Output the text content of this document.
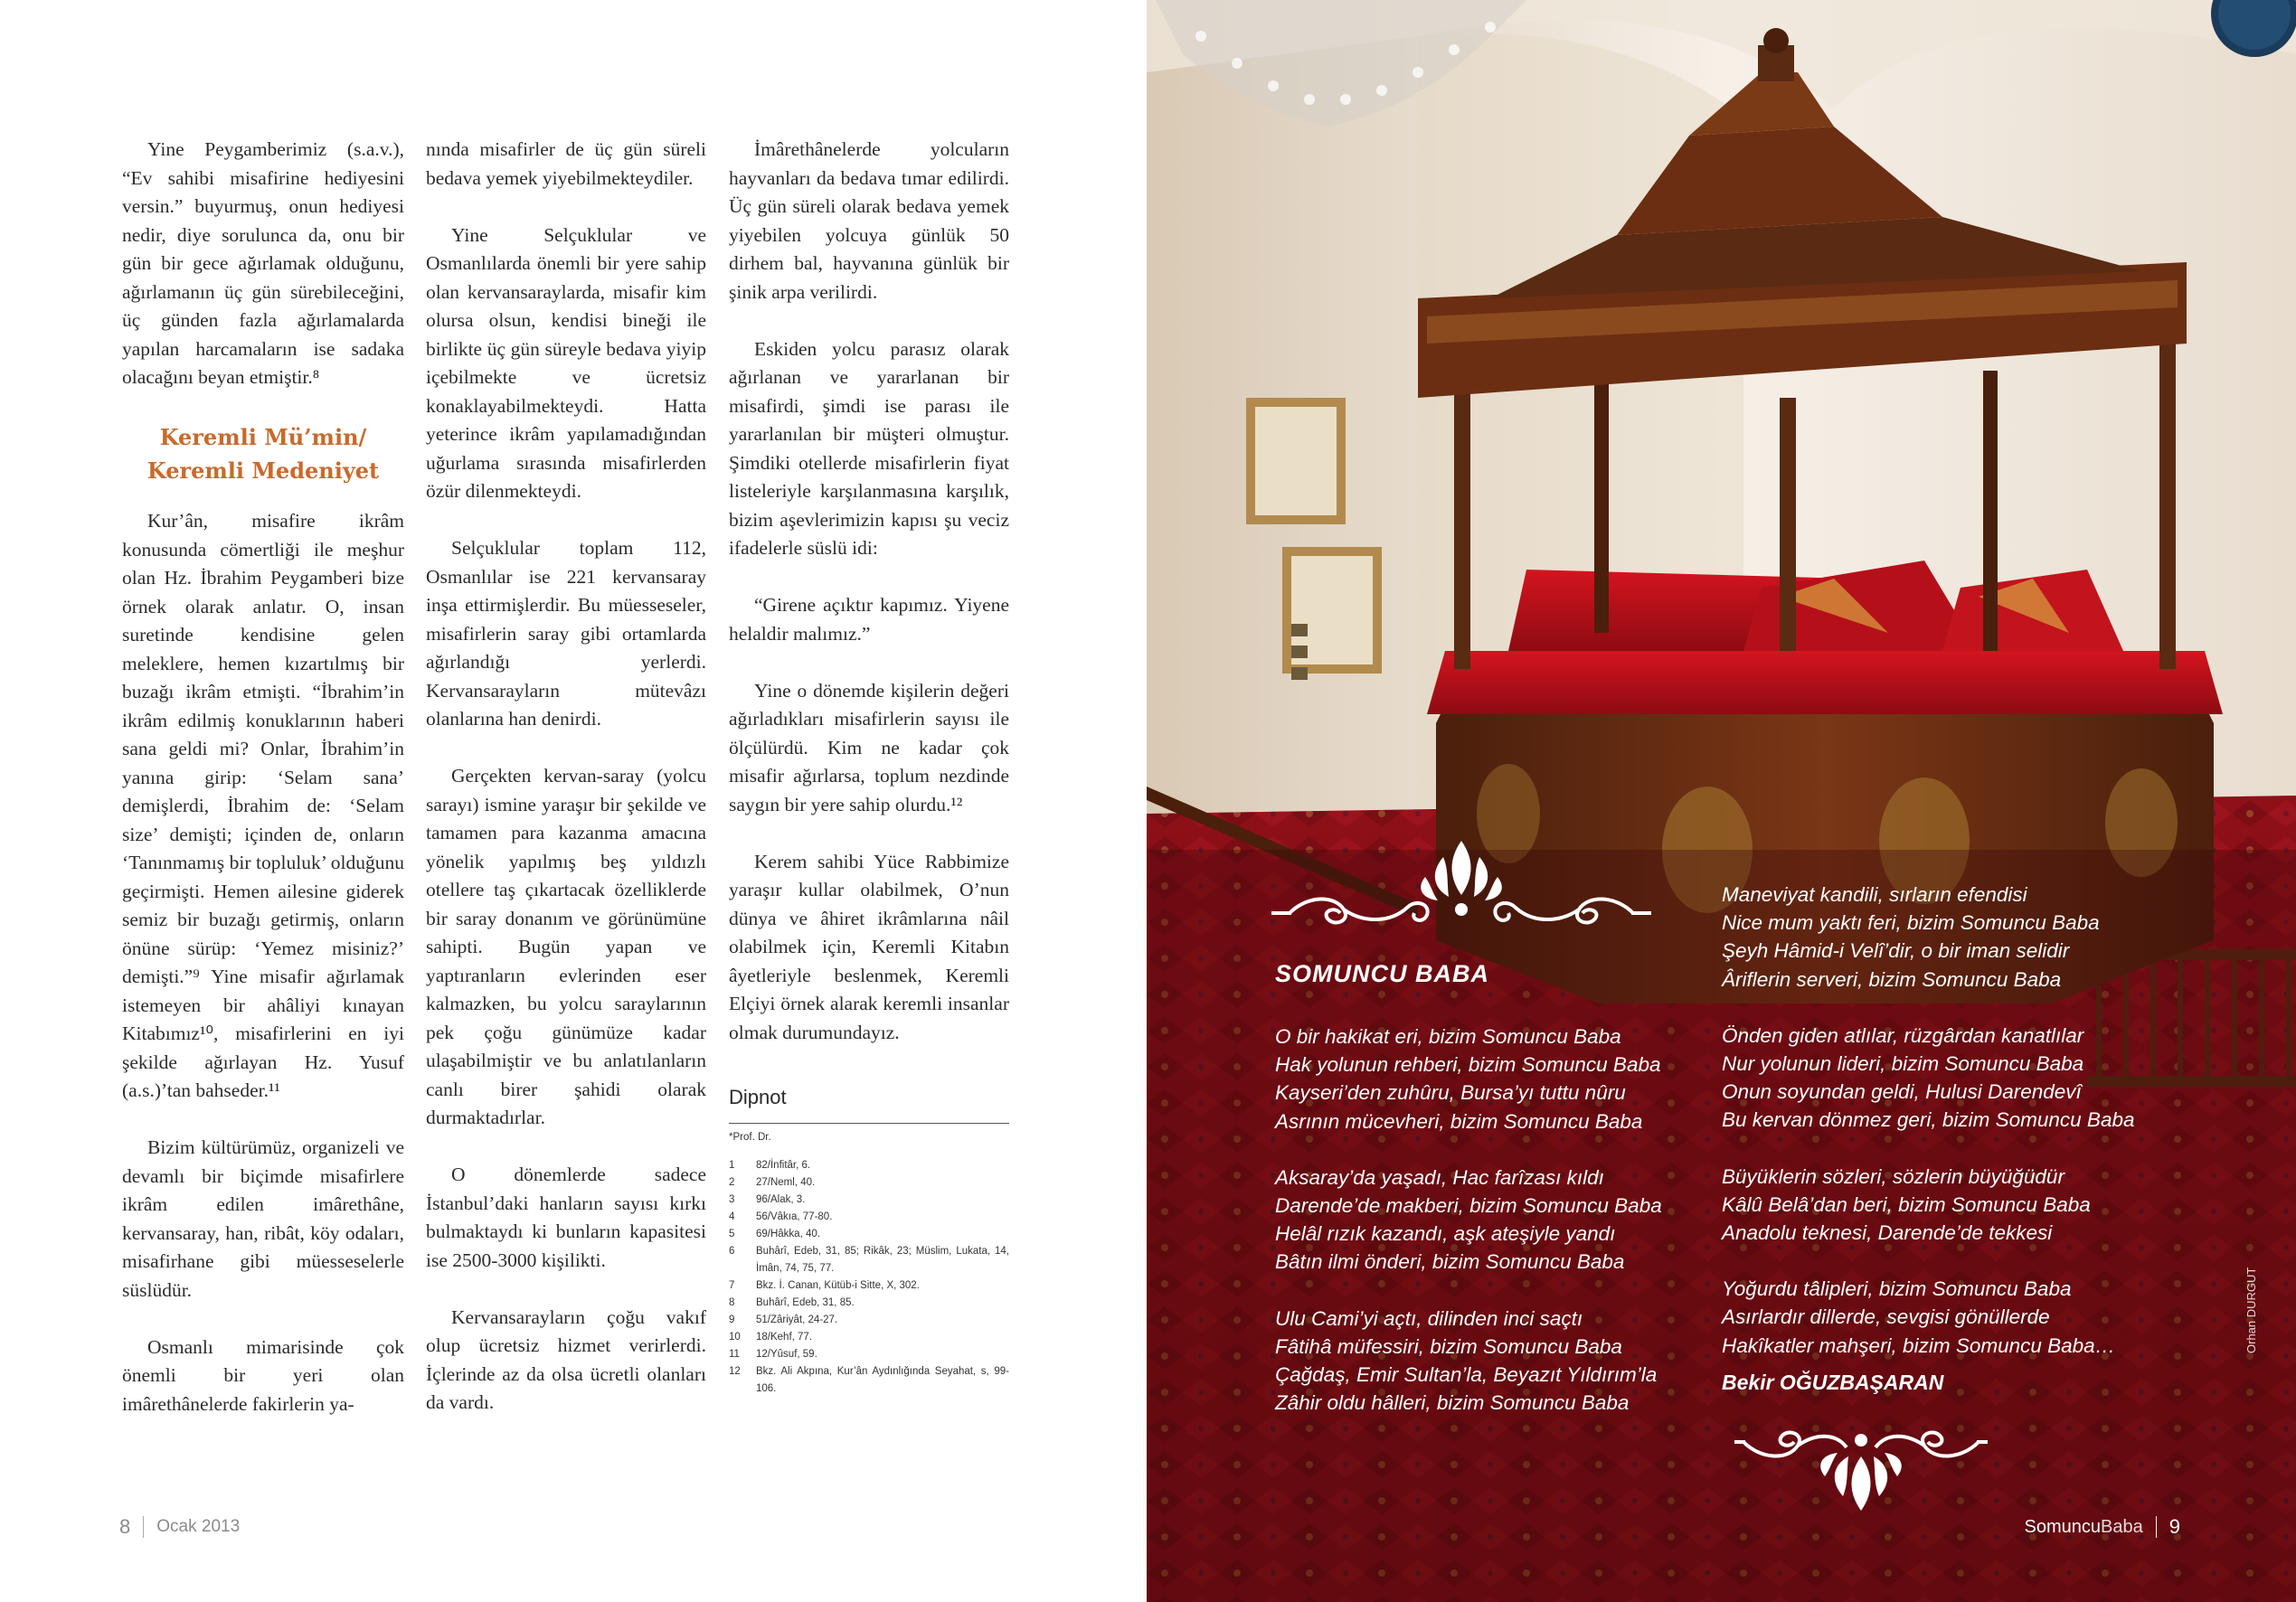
Yine Peygamberimiz (s.a.v.), “Ev sahibi misafirine hediyesini versin.” buyurmuş, onun hediyesi nedir, diye sorulunca da, onu bir gün bir gece ağırlamak olduğunu, ağırlamanın üç gün sürebileceğini, üç günden fazla ağırlamalarda yapılan harcamaların ise sadaka olacağını beyan etmiştir.⁸

Keremli Mü’min/
Keremli Medeniyet

Kur’ân, misafire ikrâm konusunda cömertliği ile meşhur olan Hz. İbrahim Peygamberi bize örnek olarak anlatır. O, insan suretinde kendisine gelen meleklere, hemen kızartılmış bir buzağı ikrâm etmişti. “İbrahim’in ikrâm edilmiş konuklarının haberi sana geldi mi? Onlar, İbrahim’in yanına girip: ‘Selam sana’ demişlerdi, İbrahim de: ‘Selam size’ demişti; içinden de, onların ‘Tanınmamış bir topluluk’ olduğunu geçirmişti. Hemen ailesine giderek semiz bir buzağı getirmiş, onların önüne sürüp: ‘Yemez misiniz?’ demişti.”⁹ Yine misafir ağırlamak istemeyen bir ahâliyi kınayan Kitabımız¹⁰, misafirlerini en iyi şekilde ağırlayan Hz. Yusuf (a.s.)’tan bahseder.¹¹

Bizim kültürümüz, organizeli ve devamlı bir biçimde misafirlere ikrâm edilen imârethâne, kervansaray, han, ribât, köy odaları, misafirhane gibi müesseselerle süslüdür.

Osmanlı mimarisinde çok önemli bir yeri olan imârethânelerde fakirlerin ya-

nında misafirler de üç gün süreli bedava yemek yiyebilmekteydiler.

Yine Selçuklular ve Osmanlılarda önemli bir yere sahip olan kervansaraylarda, misafir kim olursa olsun, kendisi bineği ile birlikte üç gün süreyle bedava yiyip içebilmekte ve ücretsiz konaklayabilmekteydi. Hatta yeterince ikrâm yapılamadığından uğurlama sırasında misafirlerden özür dilenmekteydi.

Selçuklular toplam 112, Osmanlılar ise 221 kervansaray inşa ettirmişlerdir. Bu müesseseler, misafirlerin saray gibi ortamlarda ağırlandığı yerlerdi. Kervansarayların mütevâzı olanlarına han denirdi.

Gerçekten kervan-saray (yolcu sarayı) ismine yaraşır bir şekilde ve tamamen para kazanma amacına yönelik yapılmış beş yıldızlı otellere taş çıkartacak özelliklerde bir saray donanım ve görünümüne sahipti. Bugün yapan ve yaptıranların evlerinden eser kalmazken, bu yolcu saraylarının pek çoğu günümüze kadar ulaşabilmiştir ve bu anlatılanların canlı birer şahidi olarak durmaktadırlar.

O dönemlerde sadece İstanbul’daki hanların sayısı kırkı bulmaktaydı ki bunların kapasitesi ise 2500-3000 kişilikti.

Kervansarayların çoğu vakıf olup ücretsiz hizmet verirlerdi. İçlerinde az da olsa ücretli olanları da vardı.

İmârethânelerde yolcuların hayvanları da bedava tımar edilirdi. Üç gün süreli olarak bedava yemek yiyebilen yolcuya günlük 50 dirhem bal, hayvanına günlük bir şinik arpa verilirdi.

Eskiden yolcu parasız olarak ağırlanan ve yararlanan bir misafirdi, şimdi ise parası ile yararlanılan bir müşteri olmuştur. Şimdiki otellerde misafirlerin fiyat listeleriyle karşılanmasına karşılık, bizim aşevlerimizin kapısı şu veciz ifadelerle süslü idi:

“Girene açıktır kapımız. Yiyene helaldir malımız.”

Yine o dönemde kişilerin değeri ağırladıkları misafirlerin sayısı ile ölçülürdü. Kim ne kadar çok misafir ağırlarsa, toplum nezdinde saygın bir yere sahip olurdu.¹²

Kerem sahibi Yüce Rabbimize yaraşır kullar olabilmek, O’nun dünya ve âhiret ikrâmlarına nâil olabilmek için, Keremli Kitabın âyetleriyle beslenmek, Keremli Elçiyi örnek alarak keremli insanlar olmak durumundayız.

Dipnot
*Prof. Dr.
1	82/İnfitâr, 6.
2	27/Neml, 40.
3	96/Alak, 3.
4	56/Vâkıa, 77-80.
5	69/Hâkka, 40.
6	Buhârî, Edeb, 31, 85; Rikâk, 23; Müslim, Lukata, 14, İmân, 74, 75, 77.
7	Bkz. İ. Canan, Kütüb-i Sitte, X, 302.
8	Buhârî, Edeb, 31, 85.
9	51/Zâriyât, 24-27.
10	18/Kehf, 77.
11	12/Yûsuf, 59.
12	Bkz. Ali Akpına, Kur’ân Aydınlığında Seyahat, s, 99-106.
8 Ocak 2013
SOMUNCU BABA
O bir hakikat eri, bizim Somuncu Baba
Hak yolunun rehberi, bizim Somuncu Baba
Kayseri’den zuhûru, Bursa’yı tuttu nûru
Asrının mücevheri, bizim Somuncu Baba
Aksaray’da yaşadı, Hac farîzası kıldı
Darende’de makberi, bizim Somuncu Baba
Helâl rızık kazandı, aşk ateşiyle yandı
Bâtın ilmi önderi, bizim Somuncu Baba
Ulu Cami’yi açtı, dilinden inci saçtı
Fâtihâ müfessiri, bizim Somuncu Baba
Çağdaş, Emir Sultan’la, Beyazıt Yıldırım’la
Zâhir oldu hâlleri, bizim Somuncu Baba
Maneviyat kandili, sırların efendisi
Nice mum yaktı feri, bizim Somuncu Baba
Şeyh Hâmid-i Velî’dir, o bir iman selidir
Âriflerin serveri, bizim Somuncu Baba
Önden giden atlılar, rüzgârdan kanatlılar
Nur yolunun lideri, bizim Somuncu Baba
Onun soyundan geldi, Hulusi Darendevî
Bu kervan dönmez geri, bizim Somuncu Baba
Büyüklerin sözleri, sözlerin büyüğüdür
Kâlû Belâ’dan beri, bizim Somuncu Baba
Anadolu teknesi, Darende’de tekkesi
Yoğurdu tâlipleri, bizim Somuncu Baba
Asırlardır dillerde, sevgisi gönüllerde
Hakîkatler mahşeri, bizim Somuncu Baba…
Bekir OĞUZBAŞARAN
Orhan DURGUT
SomuncuBaba 9
